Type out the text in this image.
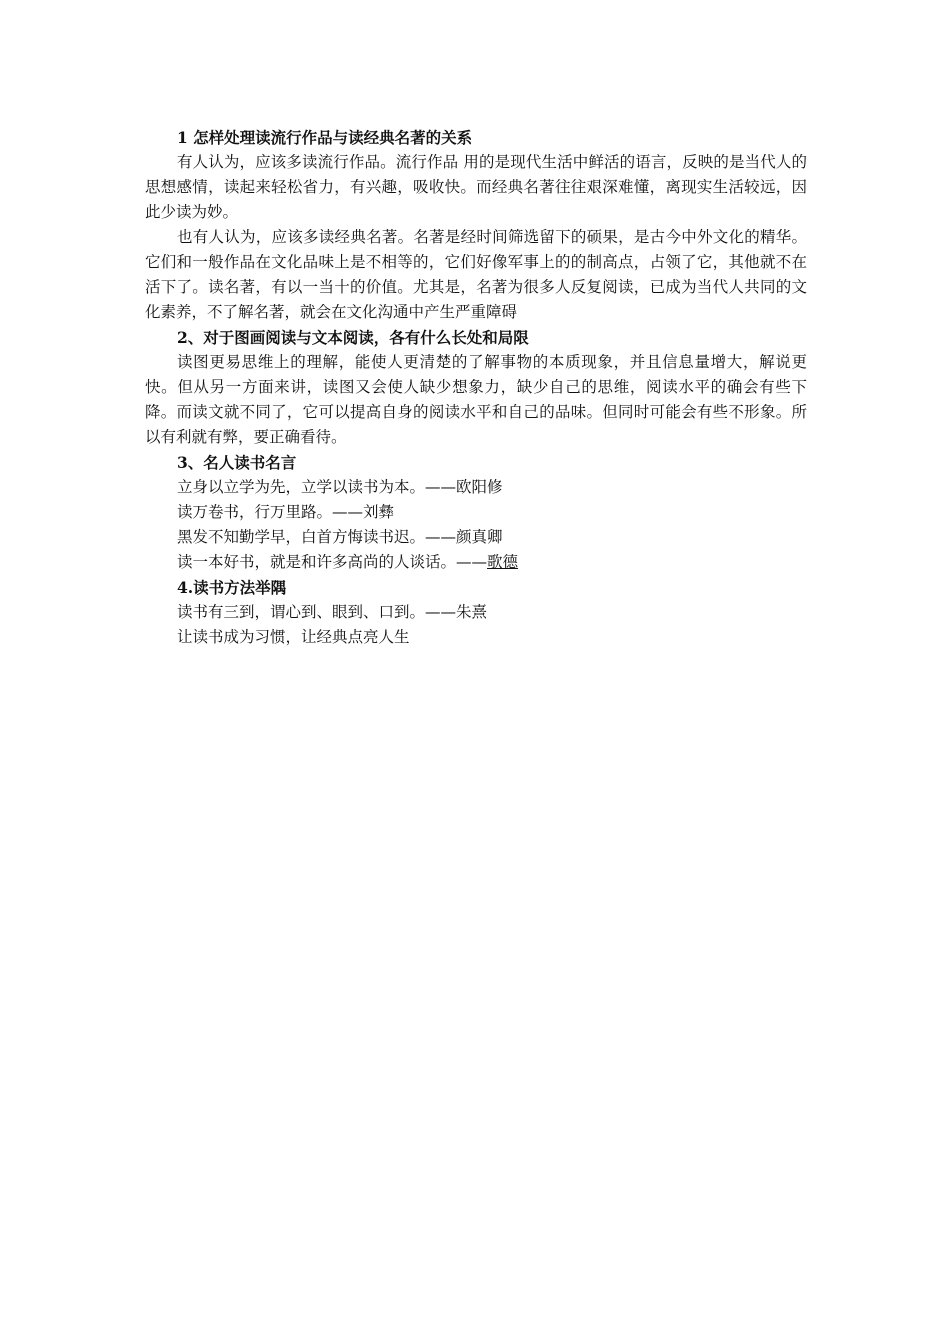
1 怎样处理读流行作品与读经典名著的关系

有人认为，应该多读流行作品。流行作品 用的是现代生活中鲜活的语言，反映的是当代人的思想感情，读起来轻松省力，有兴趣，吸收快。而经典名著往往艰深难懂，离现实生活较远，因此少读为妙。

也有人认为，应该多读经典名著。名著是经时间筛选留下的硕果，是古今中外文化的精华。它们和一般作品在文化品味上是不相等的，它们好像军事上的的制高点，占领了它，其他就不在活下了。读名著，有以一当十的价值。尤其是，名著为很多人反复阅读，已成为当代人共同的文化素养，不了解名著，就会在文化沟通中产生严重障碍

2、对于图画阅读与文本阅读，各有什么长处和局限

读图更易思维上的理解，能使人更清楚的了解事物的本质现象，并且信息量增大，解说更快。但从另一方面来讲，读图又会使人缺少想象力，缺少自己的思维，阅读水平的确会有些下降。而读文就不同了，它可以提高自身的阅读水平和自己的品味。但同时可能会有些不形象。所以有利就有弊，要正确看待。

3、名人读书名言
立身以立学为先，立学以读书为本。——欧阳修
读万卷书，行万里路。——刘彝
黑发不知勤学早，白首方悔读书迟。——颜真卿
读一本好书，就是和许多高尚的人谈话。——歌德
4.读书方法举隅
读书有三到，谓心到、眼到、口到。——朱熹
让读书成为习惯，让经典点亮人生
